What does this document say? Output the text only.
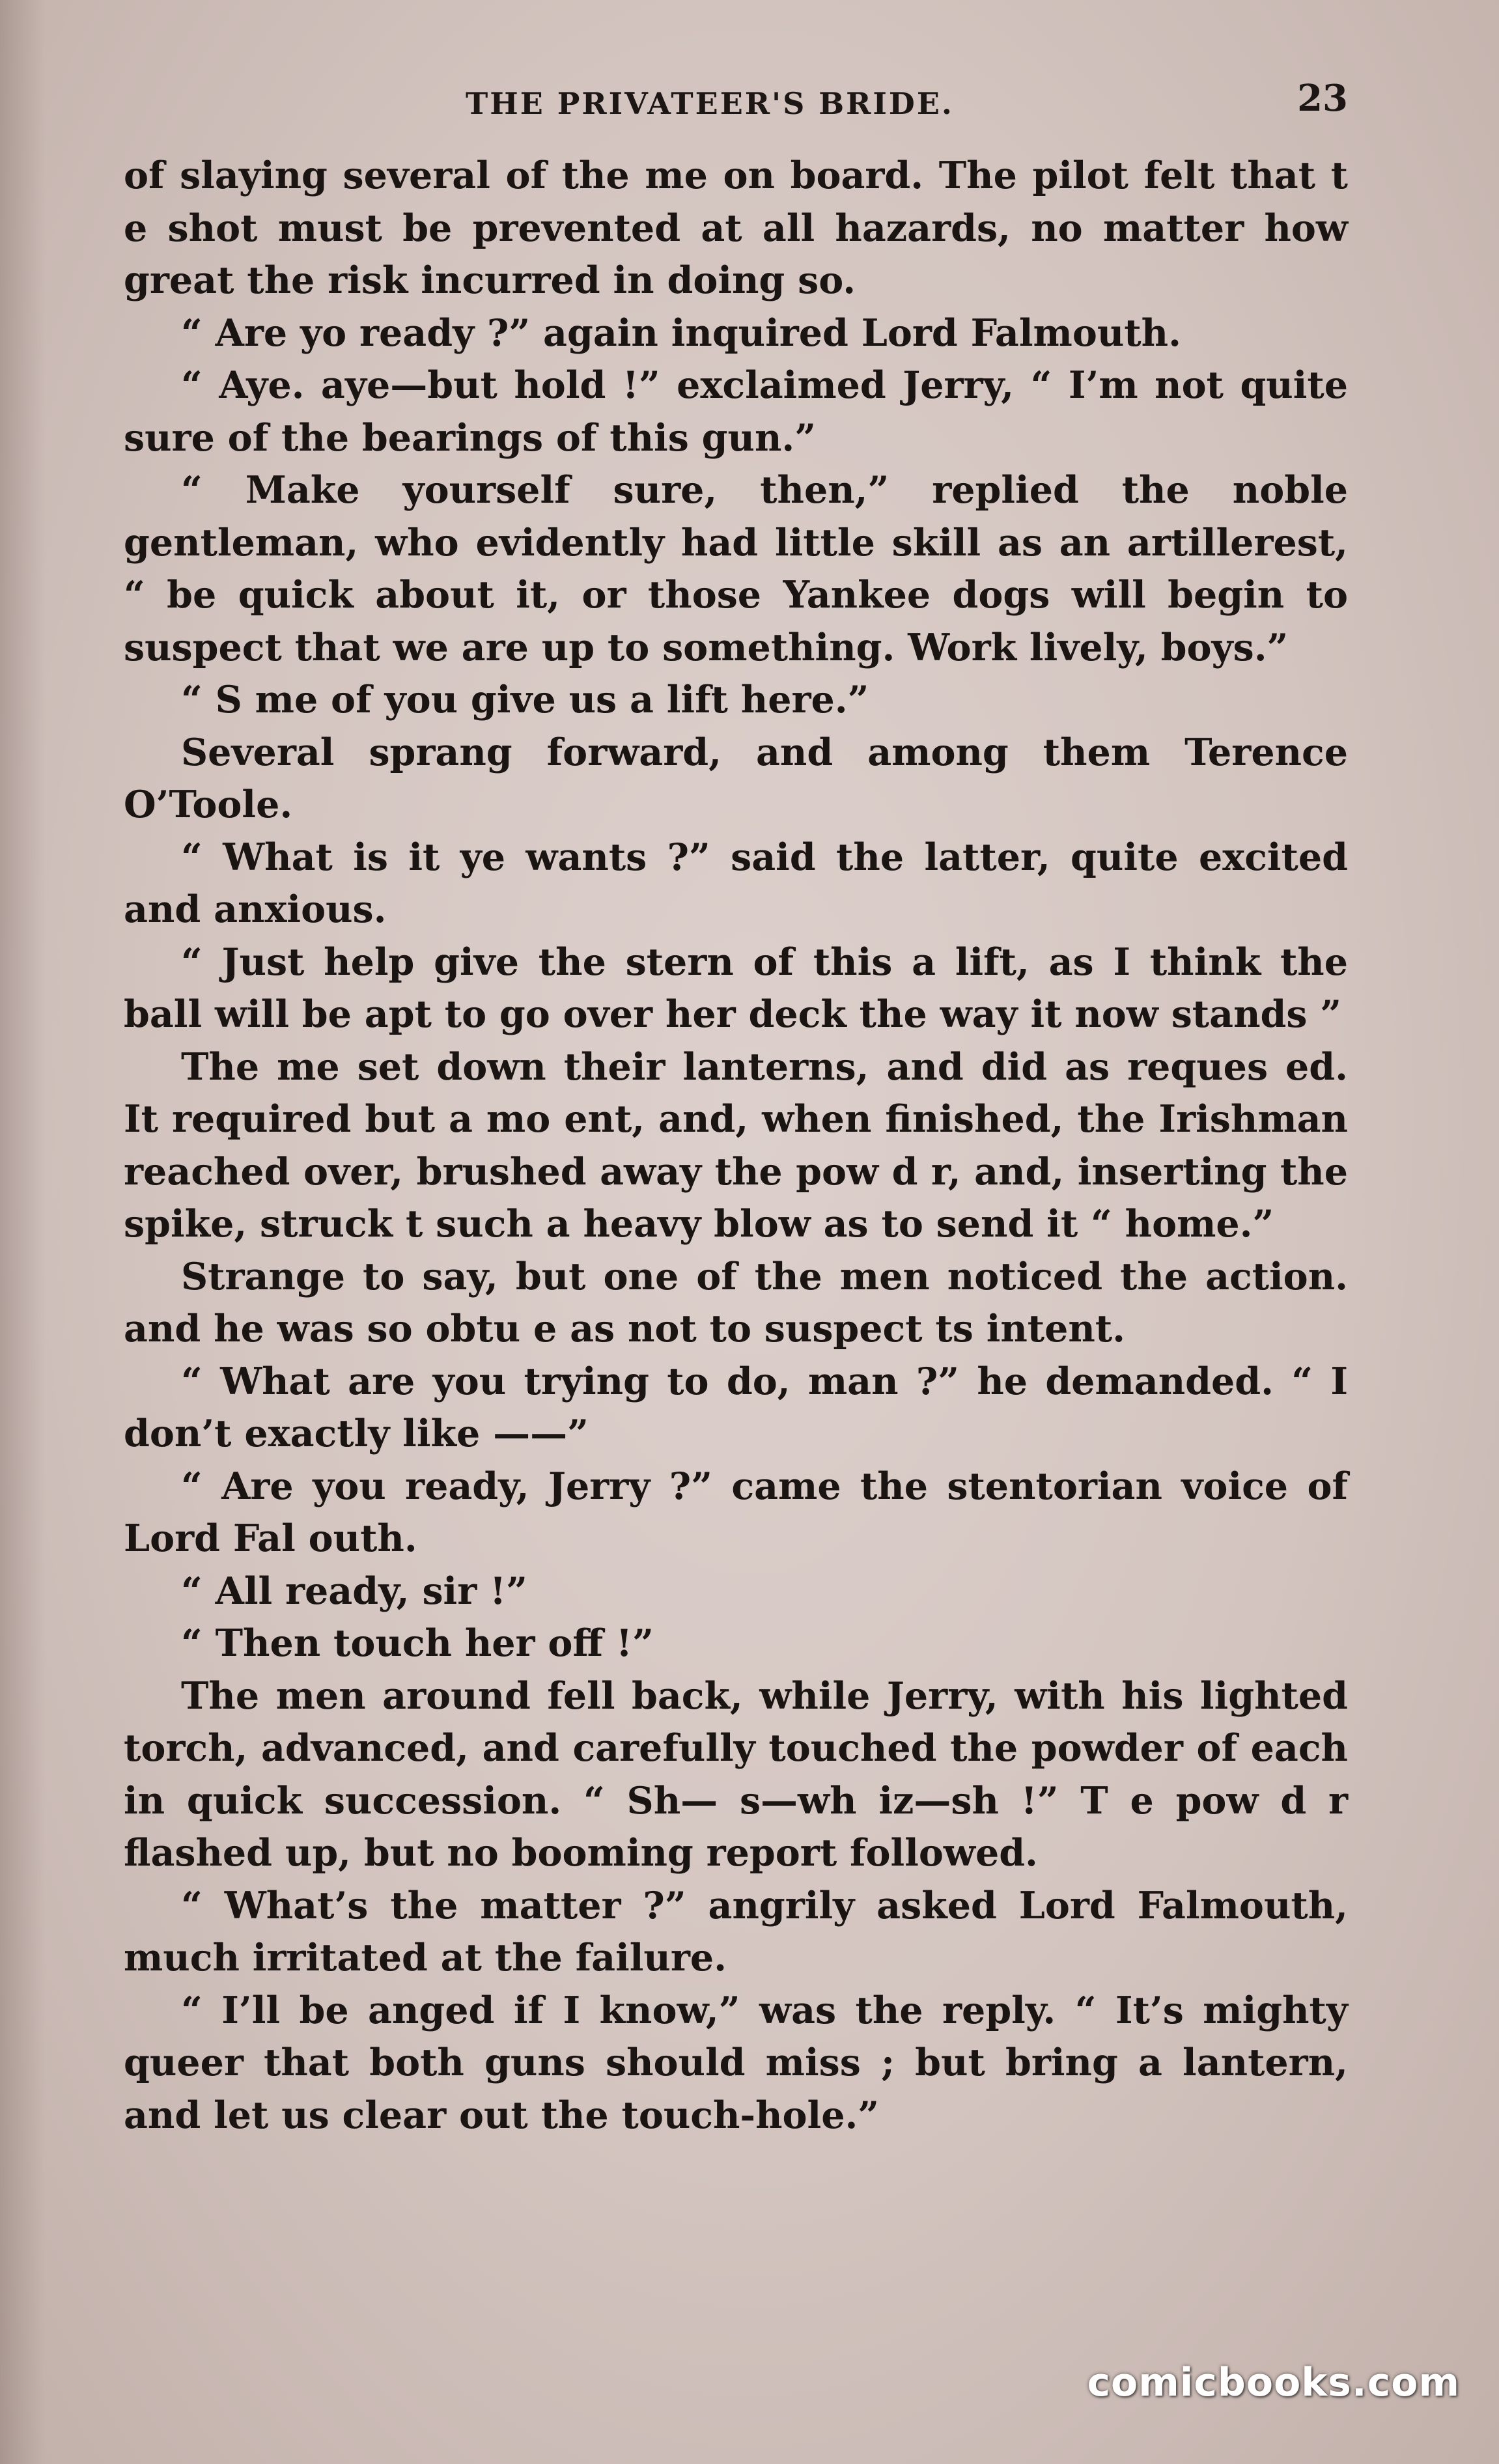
THE PRIVATEER'S BRIDE.	23

of slaying several of the me on board. The pilot felt that t e shot must be prevented at all hazards, no matter how great the risk incurred in doing so.

“ Are yo ready ?” again inquired Lord Falmouth.

“ Aye. aye—but hold !” exclaimed Jerry, “ I’m not quite sure of the bearings of this gun.”

“ Make yourself sure, then,” replied the noble gentleman, who evidently had little skill as an artillerest, “ be quick about it, or those Yankee dogs will begin to suspect that we are up to something. Work lively, boys.”

“ S me of you give us a lift here.”

Several sprang forward, and among them Terence O’Toole.

“ What is it ye wants ?” said the latter, quite excited and anxious.

“ Just help give the stern of this a lift, as I think the ball will be apt to go over her deck the way it now stands ”

The me set down their lanterns, and did as reques ed. It required but a mo ent, and, when finished, the Irishman reached over, brushed away the pow d r, and, inserting the spike, struck t such a heavy blow as to send it “ home.”

Strange to say, but one of the men noticed the action. and he was so obtu e as not to suspect ts intent.

“ What are you trying to do, man ?” he demanded. “ I don’t exactly like ——”

“ Are you ready, Jerry ?” came the stentorian voice of Lord Fal outh.

“ All ready, sir !”

“ Then touch her off !”

The men around fell back, while Jerry, with his lighted torch, advanced, and carefully touched the powder of each in quick succession. “ Sh— s—wh iz—sh !” T e pow d r flashed up, but no booming report followed.

“ What’s the matter ?” angrily asked Lord Falmouth, much irritated at the failure.

“ I’ll be anged if I know,” was the reply. “ It’s mighty queer that both guns should miss ; but bring a lantern, and let us clear out the touch-hole.”

comicbooks.com
